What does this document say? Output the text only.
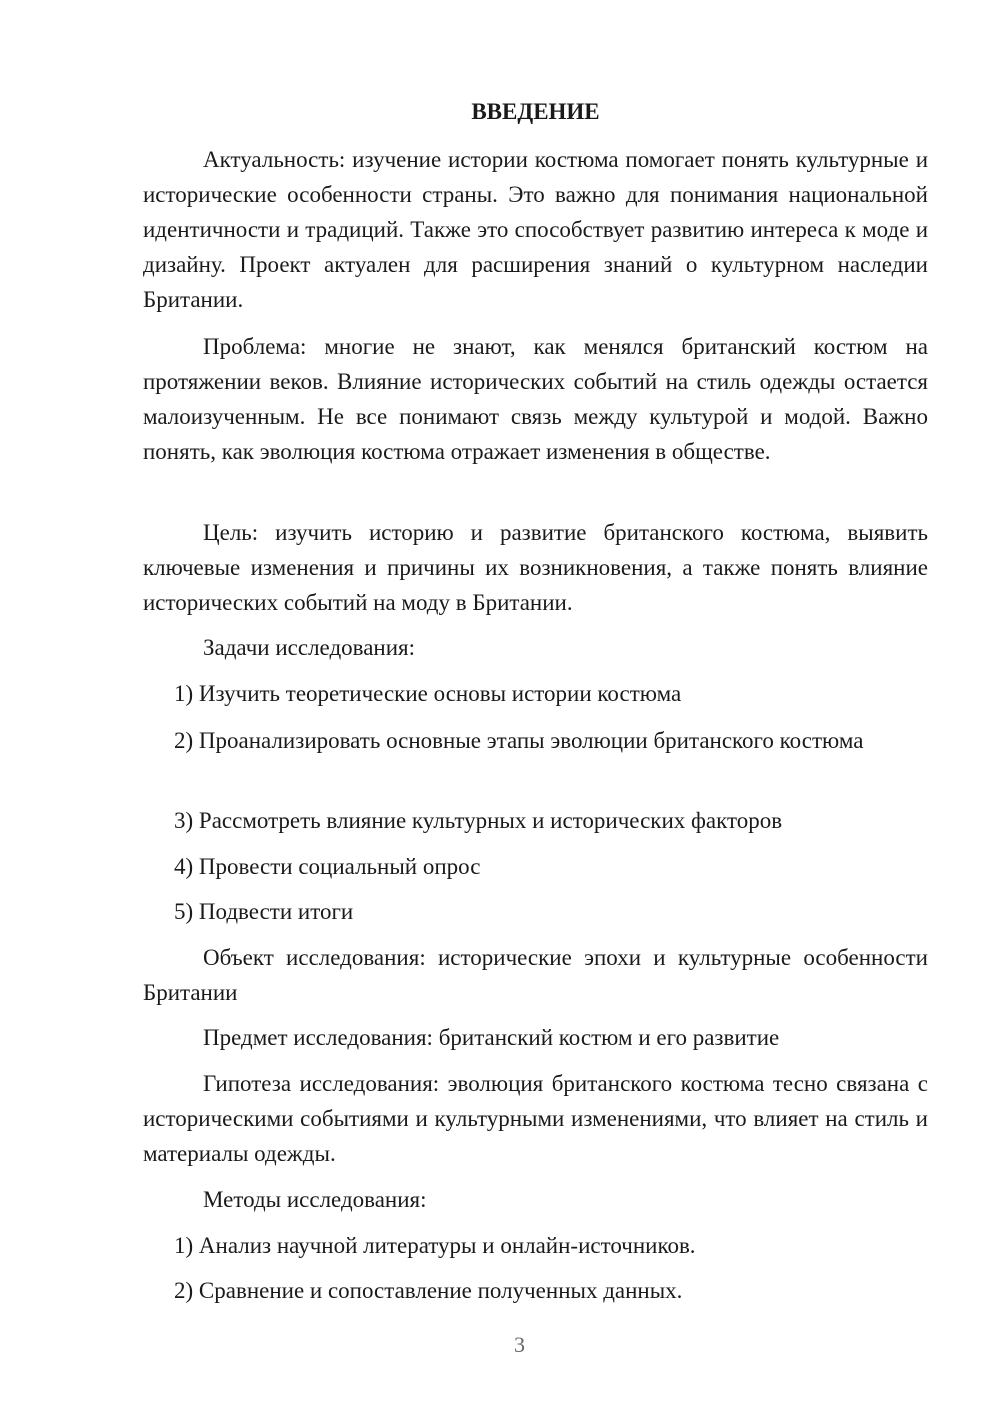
ВВЕДЕНИЕ

Актуальность: изучение истории костюма помогает понять культурные и исторические особенности страны. Это важно для понимания национальной идентичности и традиций. Также это способствует развитию интереса к моде и дизайну. Проект актуален для расширения знаний о культурном наследии Британии.

Проблема: многие не знают, как менялся британский костюм на протяжении веков. Влияние исторических событий на стиль одежды остается малоизученным. Не все понимают связь между культурой и модой. Важно понять, как эволюция костюма отражает изменения в обществе.

Цель: изучить историю и развитие британского костюма, выявить ключевые изменения и причины их возникновения, а также понять влияние исторических событий на моду в Британии.

Задачи исследования:

1) Изучить теоретические основы истории костюма

2) Проанализировать основные этапы эволюции британского костюма

3) Рассмотреть влияние культурных и исторических факторов

4) Провести социальный опрос

5) Подвести итоги

Объект исследования: исторические эпохи и культурные особенности Британии

Предмет исследования: британский костюм и его развитие

Гипотеза исследования: эволюция британского костюма тесно связана с историческими событиями и культурными изменениями, что влияет на стиль и материалы одежды.

Методы исследования:

1) Анализ научной литературы и онлайн-источников.

2) Сравнение и сопоставление полученных данных.

3
